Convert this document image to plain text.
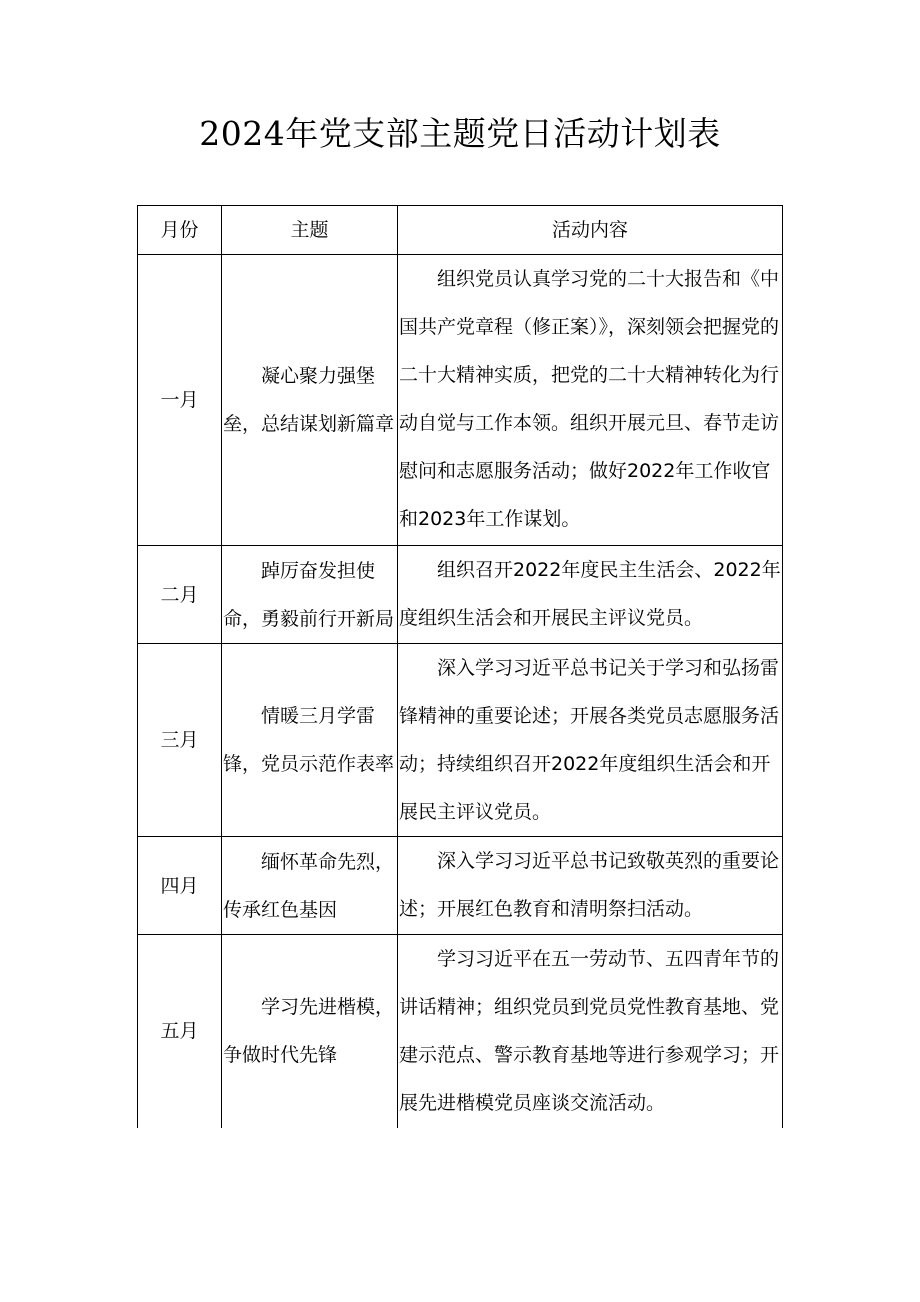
2024年党支部主题党日活动计划表
月份	主题	活动内容
一月	凝心聚力强堡垒，总结谋划新篇章	组织党员认真学习党的二十大报告和《中国共产党章程（修正案）》，深刻领会把握党的二十大精神实质，把党的二十大精神转化为行动自觉与工作本领。组织开展元旦、春节走访慰问和志愿服务活动；做好2022年工作收官和2023年工作谋划。
二月	踔厉奋发担使命，勇毅前行开新局	组织召开2022年度民主生活会、2022年度组织生活会和开展民主评议党员。
三月	情暖三月学雷锋，党员示范作表率	深入学习习近平总书记关于学习和弘扬雷锋精神的重要论述；开展各类党员志愿服务活动；持续组织召开2022年度组织生活会和开展民主评议党员。
四月	缅怀革命先烈，传承红色基因	深入学习习近平总书记致敬英烈的重要论述；开展红色教育和清明祭扫活动。
五月	学习先进楷模，争做时代先锋	学习习近平在五一劳动节、五四青年节的讲话精神；组织党员到党员党性教育基地、党建示范点、警示教育基地等进行参观学习；开展先进楷模党员座谈交流活动。
